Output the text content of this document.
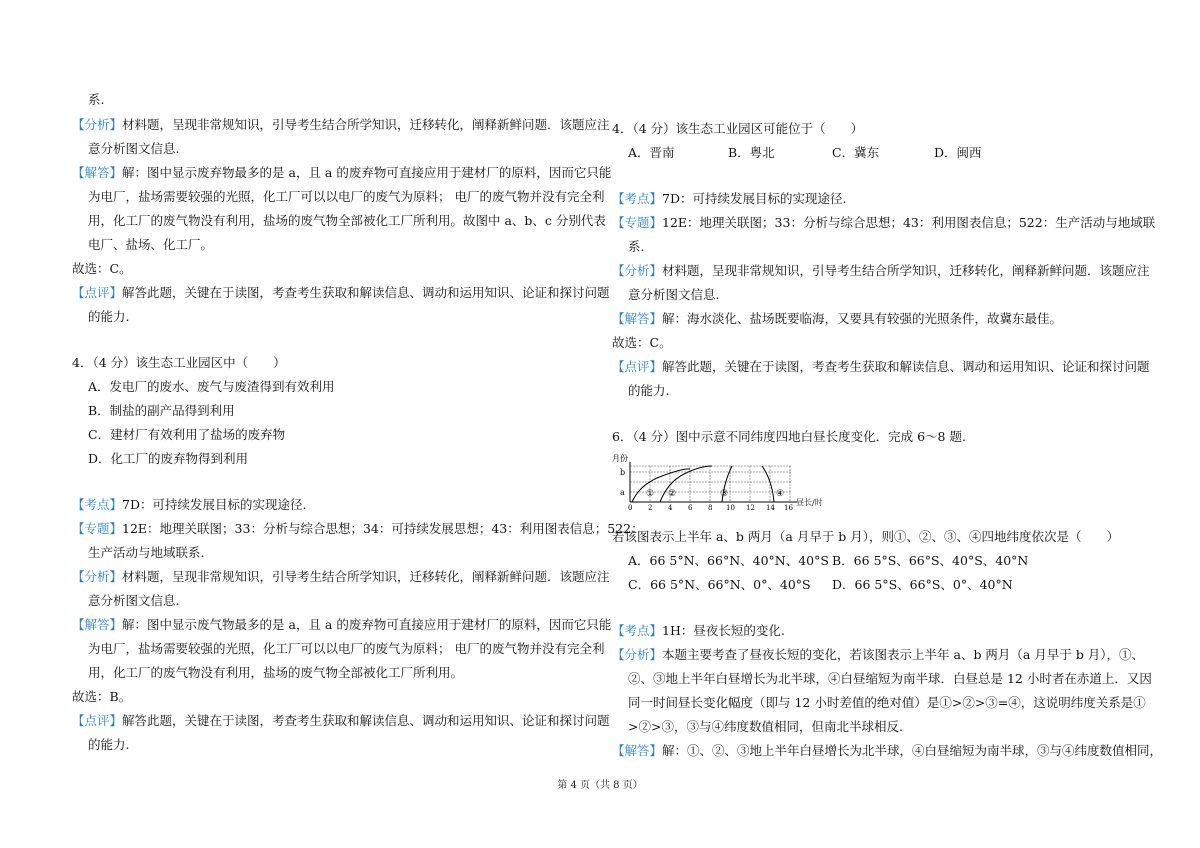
系.
【分析】材料题，呈现非常规知识，引导考生结合所学知识，迁移转化，阐释新鲜问题．该题应注
意分析图文信息.
【解答】解：图中显示废弃物最多的是 a，且 a 的废弃物可直接应用于建材厂的原料，因而它只能
为电厂，盐场需要较强的光照，化工厂可以以电厂的废气为原料； 电厂的废气物并没有完全利
用，化工厂的废气物没有利用，盐场的废气物全部被化工厂所利用。故图中 a、b、c 分别代表
电厂、盐场、化工厂。
故选：C。
【点评】解答此题，关键在于读图，考查考生获取和解读信息、调动和运用知识、论证和探讨问题
的能力.
4．（4 分）该生态工业园区中（　　）
A．发电厂的废水、废气与废渣得到有效利用
B．制盐的副产品得到利用
C．建材厂有效利用了盐场的废弃物
D．化工厂的废弃物得到利用
【考点】7D：可持续发展目标的实现途径.
【专题】12E：地理关联图；33：分析与综合思想；34：可持续发展思想；43：利用图表信息；522：
生产活动与地域联系.
【分析】材料题，呈现非常规知识，引导考生结合所学知识，迁移转化，阐释新鲜问题．该题应注
意分析图文信息.
【解答】解：图中显示废气物最多的是 a，且 a 的废弃物可直接应用于建材厂的原料，因而它只能
为电厂，盐场需要较强的光照，化工厂可以以电厂的废气为原料； 电厂的废气物并没有完全利
用，化工厂的废气物没有利用，盐场的废气物全部被化工厂所利用。
故选：B。
【点评】解答此题，关键在于读图，考查考生获取和解读信息、调动和运用知识、论证和探讨问题
的能力.
4．（4 分）该生态工业园区可能位于（　　）
A．晋南	B．粤北	C．冀东	D．闽西
【考点】7D：可持续发展目标的实现途径.
【专题】12E：地理关联图；33：分析与综合思想；43：利用图表信息；522：生产活动与地域联
系.
【分析】材料题，呈现非常规知识，引导考生结合所学知识，迁移转化，阐释新鲜问题．该题应注
意分析图文信息.
【解答】解：海水淡化、盐场既要临海，又要具有较强的光照条件，故冀东最佳。
故选：C。
【点评】解答此题，关键在于读图，考查考生获取和解读信息、调动和运用知识、论证和探讨问题
的能力.
6．（4 分）图中示意不同纬度四地白昼长度变化．完成 6～8 题.
月份
b
a ① ②	③	④
0 2 4 6 8 10 12 14 16
昼长/时
若该图表示上半年 a、b 两月（a 月早于 b 月），则①、②、③、④四地纬度依次是（　　）
A．66 5°N、66°N、40°N、40°S B．66 5°S、66°S、40°S、40°N
C．66 5°N、66°N、0°、40°S D．66 5°S、66°S、0°、40°N
【考点】1H：昼夜长短的变化.
【分析】本题主要考查了昼夜长短的变化，若该图表示上半年 a、b 两月（a 月早于 b 月），①、
②、③地上半年白昼增长为北半球，④白昼缩短为南半球．白昼总是 12 小时者在赤道上．又因
同一时间昼长变化幅度（即与 12 小时差值的绝对值）是①>②>③=④，这说明纬度关系是①
>②>③，③与④纬度数值相同，但南北半球相反.
【解答】解：①、②、③地上半年白昼增长为北半球，④白昼缩短为南半球，③与④纬度数值相同，
第 4 页（共 8 页）
